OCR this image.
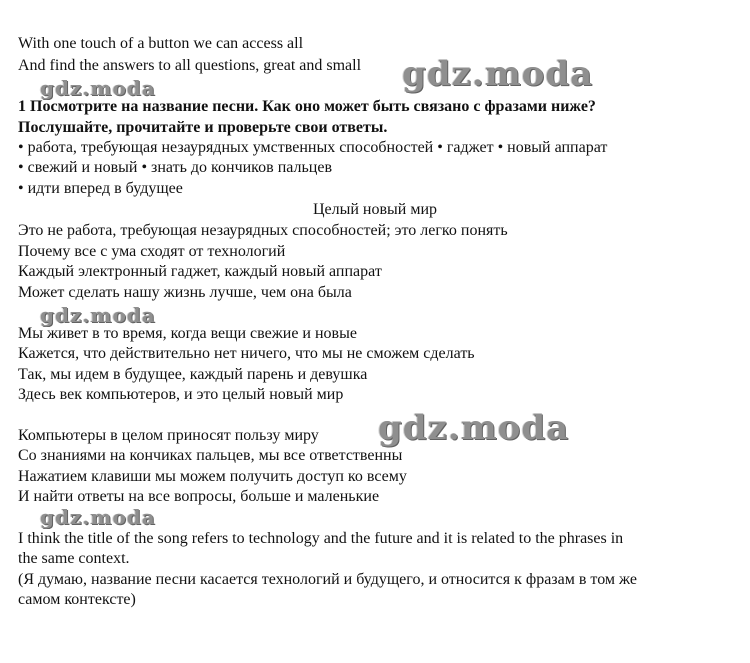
With one touch of a button we can access all
And find the answers to all questions, great and small
1 Посмотрите на название песни. Как оно может быть связано с фразами ниже?
Послушайте, прочитайте и проверьте свои ответы.
• работа, требующая незаурядных умственных способностей • гаджет • новый аппарат
• свежий и новый • знать до кончиков пальцев
• идти вперед в будущее
Целый новый мир
Это не работа, требующая незаурядных способностей; это легко понять
Почему все с ума сходят от технологий
Каждый электронный гаджет, каждый новый аппарат
Может сделать нашу жизнь лучше, чем она была
Мы живет в то время, когда вещи свежие и новые
Кажется, что действительно нет ничего, что мы не сможем сделать
Так, мы идем в будущее, каждый парень и девушка
Здесь век компьютеров, и это целый новый мир
Компьютеры в целом приносят пользу миру
Со знаниями на кончиках пальцев, мы все ответственны
Нажатием клавиши мы можем получить доступ ко всему
И найти ответы на все вопросы, больше и маленькие
I think the title of the song refers to technology and the future and it is related to the phrases in
the same context.
(Я думаю, название песни касается технологий и будущего, и относится к фразам в том же
самом контексте)
gdz.moda	gdz.moda
gdz.moda
gdz.moda
gdz.moda
